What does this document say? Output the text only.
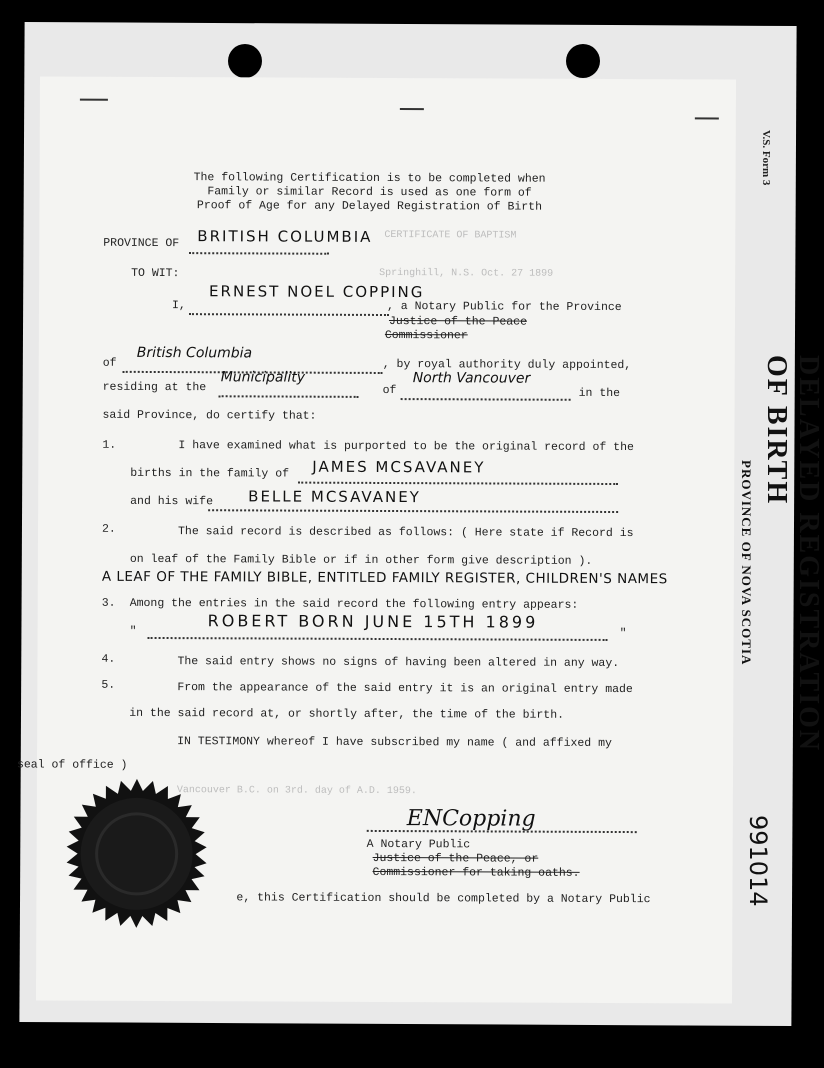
V.S. Form 3
DELAYED REGISTRATION OF BIRTH
PROVINCE OF NOVA SCOTIA
991014
CERTIFICATE OF BAPTISM
Springhill, N.S. Oct. 27 1899
Vancouver B.C. on 3rd. day of A.D. 1959.
The following Certification is to be completed when Family or similar Record is used as one form of Proof of Age for any Delayed Registration of Birth
PROVINCE OF BRITISH COLUMBIA
TO WIT:
I,
ERNEST NOEL COPPING
, a Notary Public for the Province
Justice of the Peace
Commissioner
of
British Columbia
, by royal authority duly appointed,
residing at the
Municipality
of
North Vancouver
in the
said Province, do certify that:
1.	I have examined what is purported to be the original record of the
births in the family of JAMES MCSAVANEY
and his wife BELLE MCSAVANEY
2.	The said record is described as follows: ( Here state if Record is
on leaf of the Family Bible or if in other form give description ).
A LEAF OF THE FAMILY BIBLE, ENTITLED FAMILY REGISTER, CHILDREN'S NAMES
3. Among the entries in the said record the following entry appears:
"	ROBERT BORN JUNE 15TH 1899
"
4.	The said entry shows no signs of having been altered in any way.
5.	From the appearance of the said entry it is an original entry made
in the said record at, or shortly after, the time of the birth.
IN TESTIMONY whereof I have subscribed my name ( and affixed my
seal of office )
ENCopping
A Notary Public
Justice of the Peace, or
Commissioner for taking oaths.
e, this Certification should be completed by a Notary Public
